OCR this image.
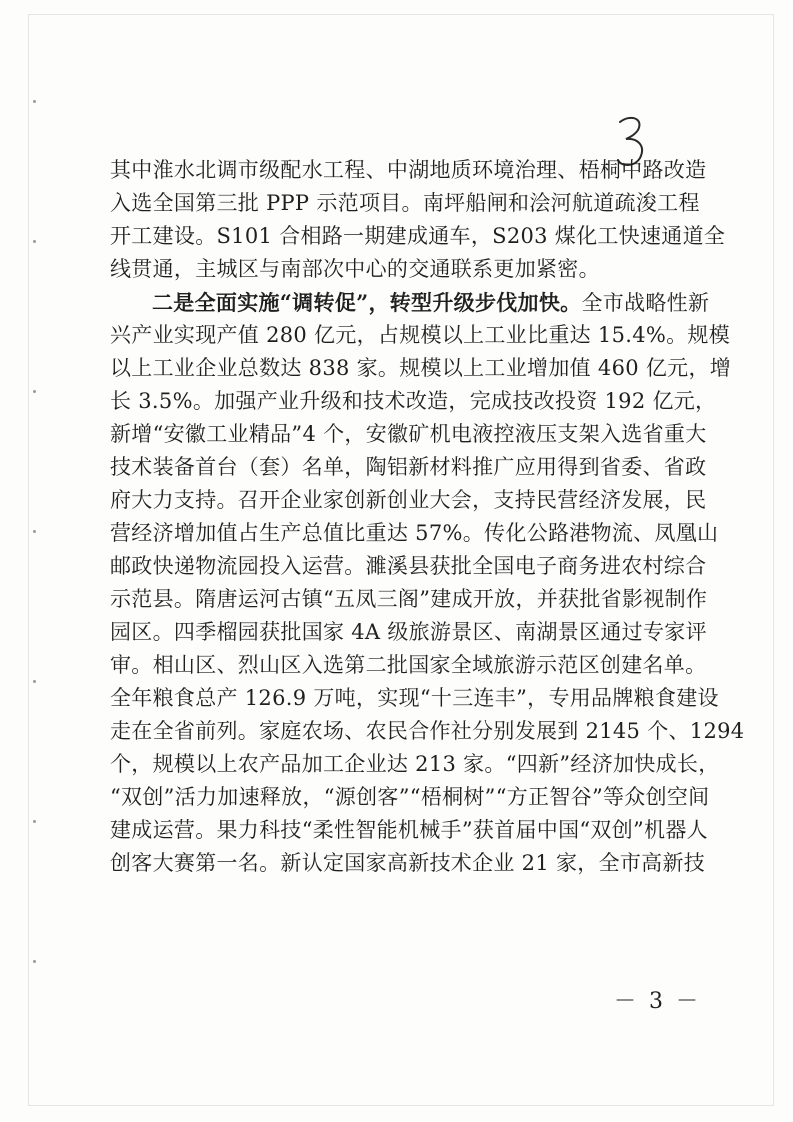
其中淮水北调市级配水工程、中湖地质环境治理、梧桐中路改造
入选全国第三批 PPP 示范项目。南坪船闸和浍河航道疏浚工程
开工建设。S101 合相路一期建成通车，S203 煤化工快速通道全
线贯通，主城区与南部次中心的交通联系更加紧密。
二是全面实施“调转促”，转型升级步伐加快。全市战略性新
兴产业实现产值 280 亿元，占规模以上工业比重达 15.4%。规模
以上工业企业总数达 838 家。规模以上工业增加值 460 亿元，增
长 3.5%。加强产业升级和技术改造，完成技改投资 192 亿元，
新增“安徽工业精品”4 个，安徽矿机电液控液压支架入选省重大
技术装备首台（套）名单，陶铝新材料推广应用得到省委、省政
府大力支持。召开企业家创新创业大会，支持民营经济发展，民
营经济增加值占生产总值比重达 57%。传化公路港物流、凤凰山
邮政快递物流园投入运营。濉溪县获批全国电子商务进农村综合
示范县。隋唐运河古镇“五凤三阁”建成开放，并获批省影视制作
园区。四季榴园获批国家 4A 级旅游景区、南湖景区通过专家评
审。相山区、烈山区入选第二批国家全域旅游示范区创建名单。
全年粮食总产 126.9 万吨，实现“十三连丰”，专用品牌粮食建设
走在全省前列。家庭农场、农民合作社分别发展到 2145 个、1294
个，规模以上农产品加工企业达 213 家。“四新”经济加快成长，
“双创”活力加速释放，“源创客”“梧桐树”“方正智谷”等众创空间
建成运营。果力科技“柔性智能机械手”获首届中国“双创”机器人
创客大赛第一名。新认定国家高新技术企业 21 家，全市高新技
－ 3 －
